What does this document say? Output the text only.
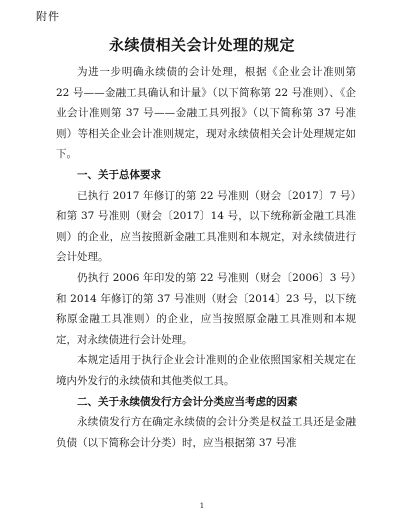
附件
永续债相关会计处理的规定

为进一步明确永续债的会计处理，根据《企业会计准则第 22 号——金融工具确认和计量》（以下简称第 22 号准则）、《企业会计准则第 37 号——金融工具列报》（以下简称第 37 号准则）等相关企业会计准则规定，现对永续债相关会计处理规定如下。

一、关于总体要求

已执行 2017 年修订的第 22 号准则（财会〔2017〕7 号）和第 37 号准则（财会〔2017〕14 号，以下统称新金融工具准则）的企业，应当按照新金融工具准则和本规定，对永续债进行会计处理。

仍执行 2006 年印发的第 22 号准则（财会〔2006〕3 号）和 2014 年修订的第 37 号准则（财会〔2014〕23 号，以下统称原金融工具准则）的企业，应当按照原金融工具准则和本规定，对永续债进行会计处理。

本规定适用于执行企业会计准则的企业依照国家相关规定在境内外发行的永续债和其他类似工具。

二、关于永续债发行方会计分类应当考虑的因素

永续债发行方在确定永续债的会计分类是权益工具还是金融负债（以下简称会计分类）时，应当根据第 37 号准

1
